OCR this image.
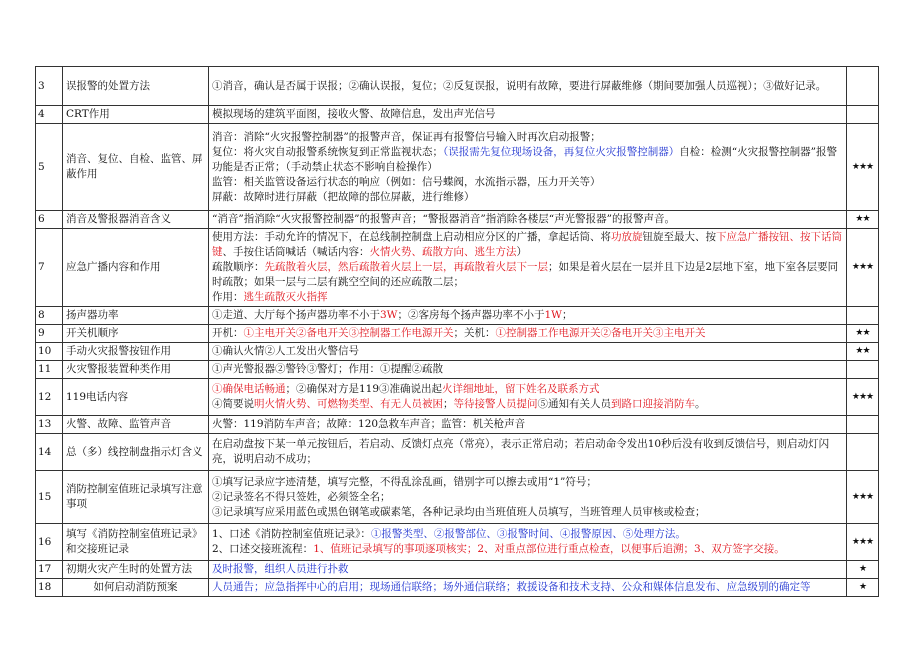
3	误报警的处置方法	①消音，确认是否属于误报；②确认误报，复位；②反复误报，说明有故障，要进行屏蔽维修（期间要加强人员巡视）；③做好记录。	

4	CRT作用	模拟现场的建筑平面图，接收火警、故障信息，发出声光信号	

5	消音、复位、自检、监管、屏蔽作用	消音：消除“火灾报警控制器”的报警声音，保证再有报警信号输入时再次启动报警；
复位：将火灾自动报警系统恢复到正常监视状态；（误报需先复位现场设备，再复位火灾报警控制器）自检：检测“火灾报警控制器”报警功能是否正常；（手动禁止状态不影响自检操作）
监管：相关监管设备运行状态的响应（例如：信号蝶阀，水流指示器，压力开关等）
屏蔽：故障时进行屏蔽（把故障的部位屏蔽，进行维修）	★★★
6	消音及警报器消音含义	“消音”指消除“火灾报警控制器”的报警声音；“警报器消音”指消除各楼层“声光警报器”的报警声音。	★★
7	应急广播内容和作用	使用方法：手动允许的情况下，在总线制控制盘上启动相应分区的广播，拿起话筒、将功放旋钮旋至最大、按下应急广播按钮、按下话筒键、手按住话筒喊话（喊话内容：火情火势、疏散方向、逃生方法）
疏散顺序：先疏散着火层，然后疏散着火层上一层，再疏散着火层下一层；如果是着火层在一层并且下边是2层地下室，地下室各层要同时疏散；如果一层与二层有跳空空间的还应疏散二层；
作用：逃生疏散灭火指挥	★★★
8	扬声器功率	①走道、大厅每个扬声器功率不小于3W；②客房每个扬声器功率不小于1W；	

9	开关机顺序	开机：①主电开关②备电开关③控制器工作电源开关；关机：①控制器工作电源开关②备电开关③主电开关	★★
10	手动火灾报警按钮作用	①确认火情②人工发出火警信号	★★
11	火灾警报装置种类作用	①声光警报器②警铃③警灯；作用：①提醒②疏散	

12	119电话内容	①确保电话畅通；②确保对方是119③准确说出起火详细地址，留下姓名及联系方式
④简要说明火情火势、可燃物类型、有无人员被困；等待接警人员提问⑤通知有关人员到路口迎接消防车。	★★★
13	火警、故障、监管声音	火警：119消防车声音；故障：120急救车声音；监管：机关枪声音	

14	总（多）线控制盘指示灯含义	在启动盘按下某一单元按钮后，若启动、反馈灯点亮（常亮），表示正常启动；若启动命令发出10秒后没有收到反馈信号，则启动灯闪亮，说明启动不成功；	

15	消防控制室值班记录填写注意事项	①填写记录应字迹清楚，填写完整，不得乱涂乱画，错别字可以擦去或用“1”符号；
②记录签名不得只签姓，必须签全名；
③记录填写应采用蓝色或黑色钢笔或碳素笔，各种记录均由当班值班人员填写，当班管理人员审核或检查；	★★★
16	填写《消防控制室值班记录》和交接班记录	1、口述《消防控制室值班记录》：①报警类型、②报警部位、③报警时间、④报警原因、⑤处理方法。
2、口述交接班流程：1、值班记录填写的事项逐项核实；2、对重点部位进行重点检查，以便事后追溯；3、双方签字交接。	★★★
17	初期火灾产生时的处置方法	及时报警，组织人员进行扑救	★
18	如何启动消防预案	人员通告；应急指挥中心的启用；现场通信联络；场外通信联络；救援设备和技术支持、公众和媒体信息发布、应急级别的确定等	★
